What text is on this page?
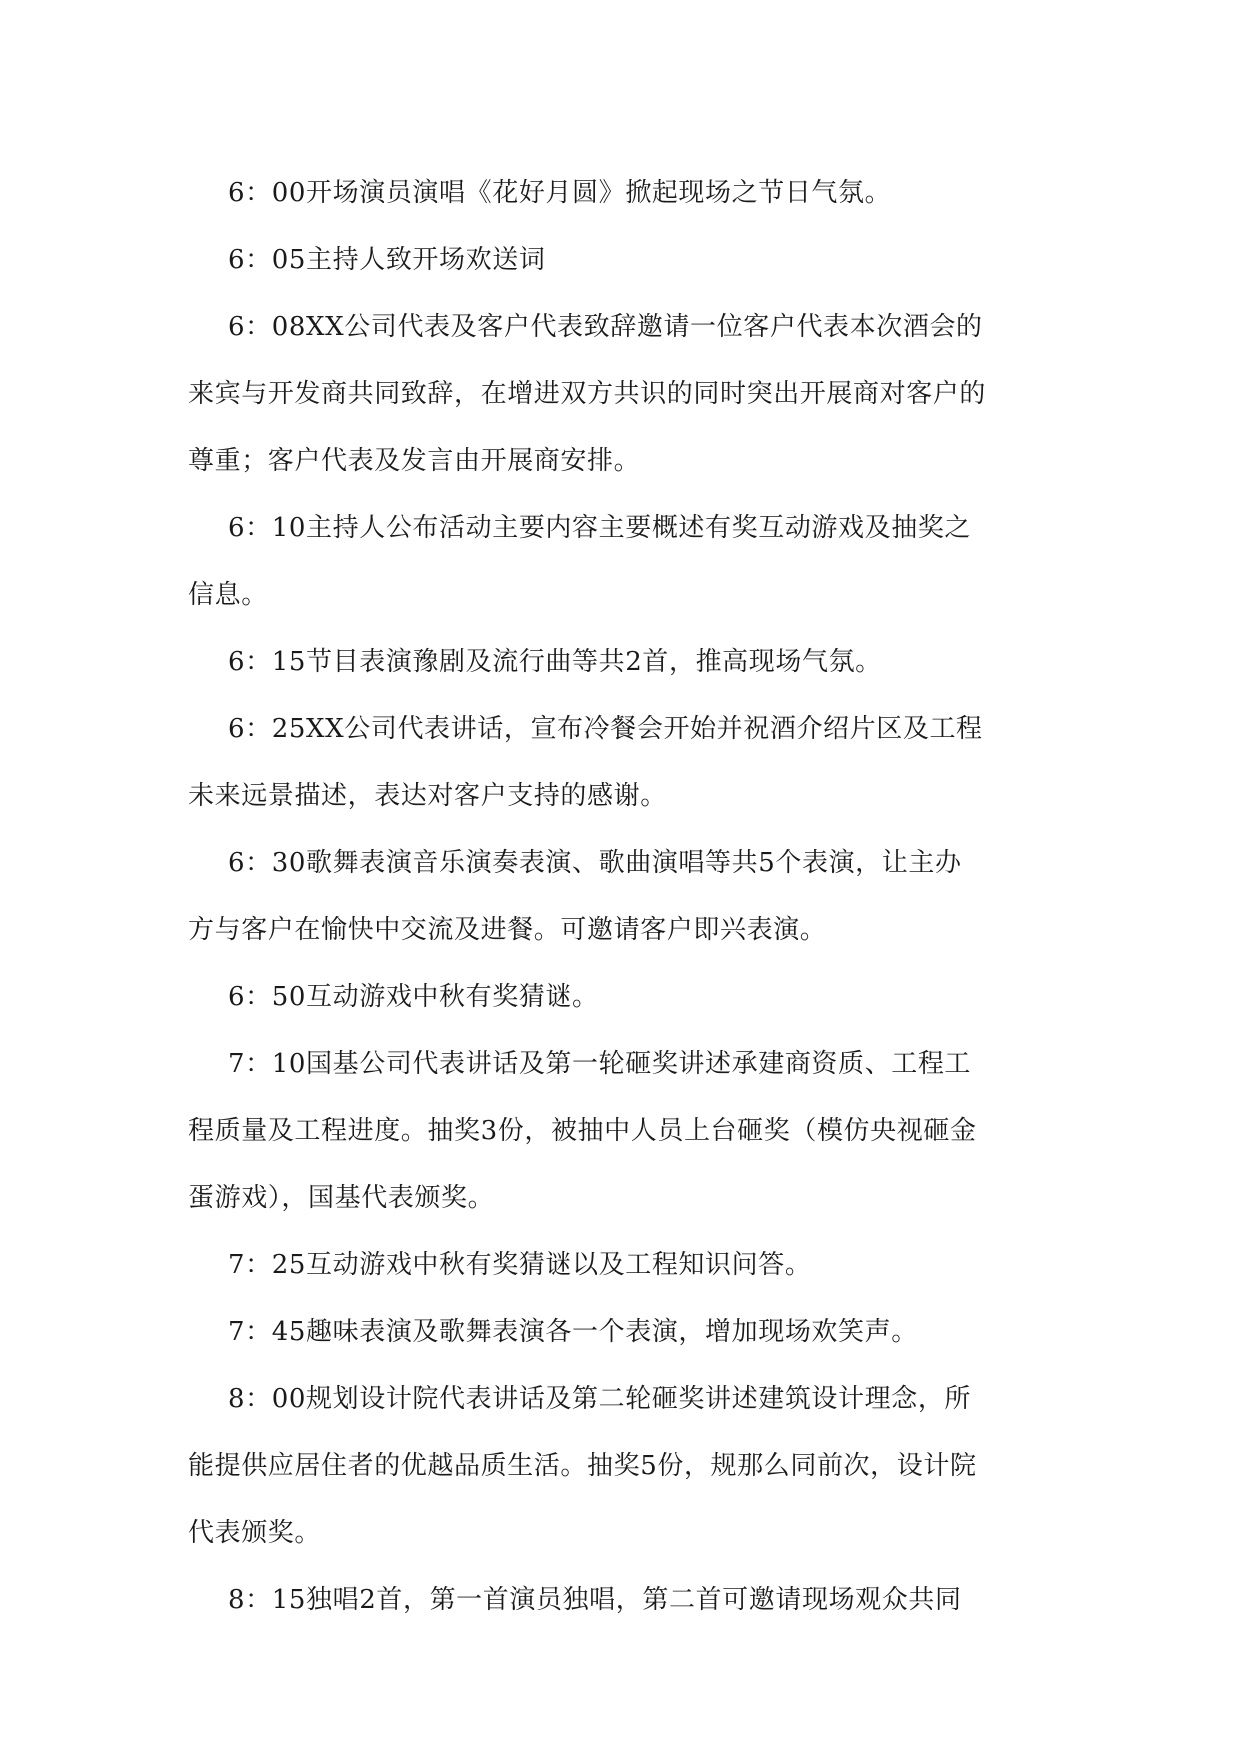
6：00开场演员演唱《花好月圆》掀起现场之节日气氛。

6：05主持人致开场欢送词

6：08XX公司代表及客户代表致辞邀请一位客户代表本次酒会的
来宾与开发商共同致辞，在增进双方共识的同时突出开展商对客户的
尊重；客户代表及发言由开展商安排。

6：10主持人公布活动主要内容主要概述有奖互动游戏及抽奖之
信息。

6：15节目表演豫剧及流行曲等共2首，推高现场气氛。

6：25XX公司代表讲话，宣布冷餐会开始并祝酒介绍片区及工程
未来远景描述，表达对客户支持的感谢。

6：30歌舞表演音乐演奏表演、歌曲演唱等共5个表演，让主办
方与客户在愉快中交流及进餐。可邀请客户即兴表演。

6：50互动游戏中秋有奖猜谜。

7：10国基公司代表讲话及第一轮砸奖讲述承建商资质、工程工
程质量及工程进度。抽奖3份，被抽中人员上台砸奖（模仿央视砸金
蛋游戏），国基代表颁奖。

7：25互动游戏中秋有奖猜谜以及工程知识问答。

7：45趣味表演及歌舞表演各一个表演，增加现场欢笑声。

8：00规划设计院代表讲话及第二轮砸奖讲述建筑设计理念，所
能提供应居住者的优越品质生活。抽奖5份，规那么同前次，设计院
代表颁奖。

8：15独唱2首，第一首演员独唱，第二首可邀请现场观众共同
